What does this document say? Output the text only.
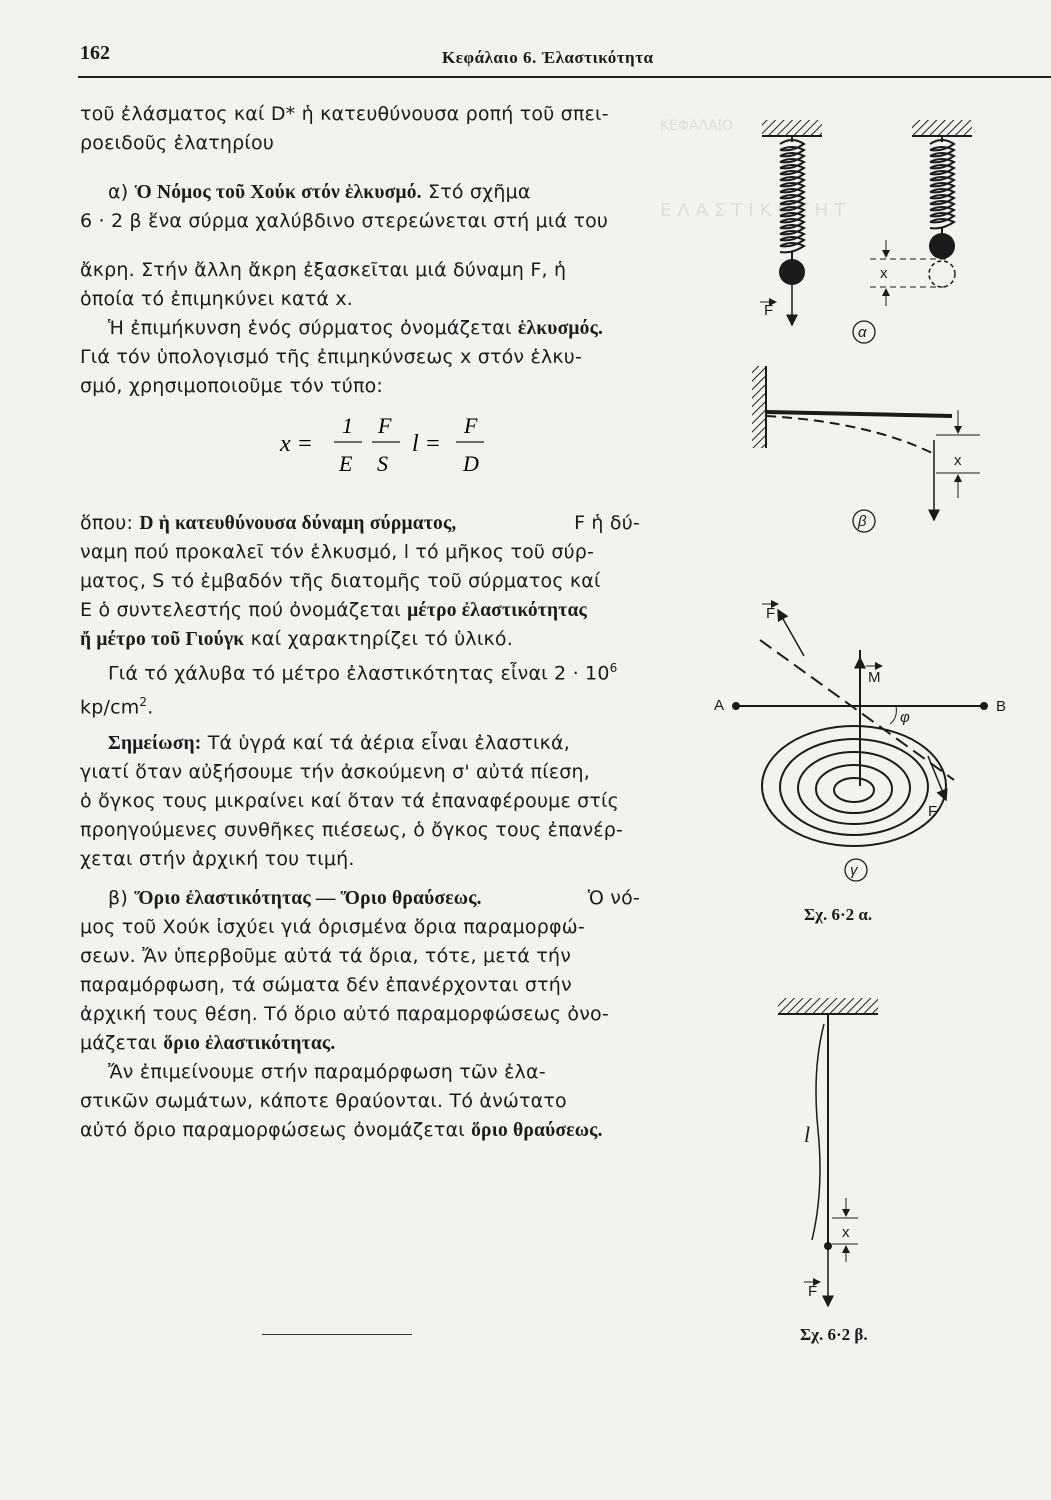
ΚΕΦΑΛΑΙΟ
ΕΛΑΣΤΙΚΟΤΗΤ
162	Κεφάλαιο 6. Ἐλαστικότητα
τοῦ ἐλάσματος καί D* ἡ κατευθύνουσα ροπή τοῦ σπει-
ροειδοῦς ἐλατηρίου
α) Ὁ Νόμος τοῦ Χούκ στόν ἑλκυσμό. Στό σχῆμα
6 · 2 β ἕνα σύρμα χαλύβδινο στερεώνεται στή μιά του
ἄκρη. Στήν ἄλλη ἄκρη ἐξασκεῖται μιά δύναμη F, ἡ
ὁποία τό ἐπιμηκύνει κατά x.
Ἡ ἐπιμήκυνση ἑνός σύρματος ὀνομάζεται ἑλκυσμός.
Γιά τόν ὑπολογισμό τῆς ἐπιμηκύνσεως x στόν ἑλκυ-
σμό, χρησιμοποιοῦμε τόν τύπο:
x =
1
E
F
S
l =
F
D
ὅπου: D ἡ κατευθύνουσα δύναμη σύρματος,	F ἡ δύ-
ναμη πού προκαλεῖ τόν ἑλκυσμό, l τό μῆκος τοῦ σύρ-
ματος, S τό ἐμβαδόν τῆς διατομῆς τοῦ σύρματος καί
E ὁ συντελεστής πού ὀνομάζεται μέτρο ἐλαστικότητας
ἤ μέτρο τοῦ Γιούγκ καί χαρακτηρίζει τό ὑλικό.
Γιά τό χάλυβα τό μέτρο ἐλαστικότητας εἶναι $2 \cdot 10^6$
$kp/cm^2$.
Σημείωση: Τά ὑγρά καί τά ἀέρια εἶναι ἐλαστικά,
γιατί ὅταν αὐξήσουμε τήν ἀσκούμενη σ' αὐτά πίεση,
ὁ ὄγκος τους μικραίνει καί ὅταν τά ἐπαναφέρουμε στίς
προηγούμενες συνθῆκες πιέσεως, ὁ ὄγκος τους ἐπανέρ-
χεται στήν ἀρχική του τιμή.
β) Ὅριο ἐλαστικότητας — Ὅριο θραύσεως.	Ὁ νό-
μος τοῦ Χούκ ἰσχύει γιά ὁρισμένα ὅρια παραμορφώ-
σεων. Ἄν ὑπερβοῦμε αὐτά τά ὅρια, τότε, μετά τήν
παραμόρφωση, τά σώματα δέν ἐπανέρχονται στήν
ἀρχική τους θέση. Τό ὅριο αὐτό παραμορφώσεως ὀνο-
μάζεται ὅριο ἐλαστικότητας.
Ἄν ἐπιμείνουμε στήν παραμόρφωση τῶν ἐλα-
στικῶν σωμάτων, κάποτε θραύονται. Τό ἀνώτατο
αὐτό ὅριο παραμορφώσεως ὀνομάζεται ὅριο θραύσεως.
F
x
α
x
β
M
A	B
F
F
φ
γ
Σχ. 6·2 α.
l
x
F
Σχ. 6·2 β.
